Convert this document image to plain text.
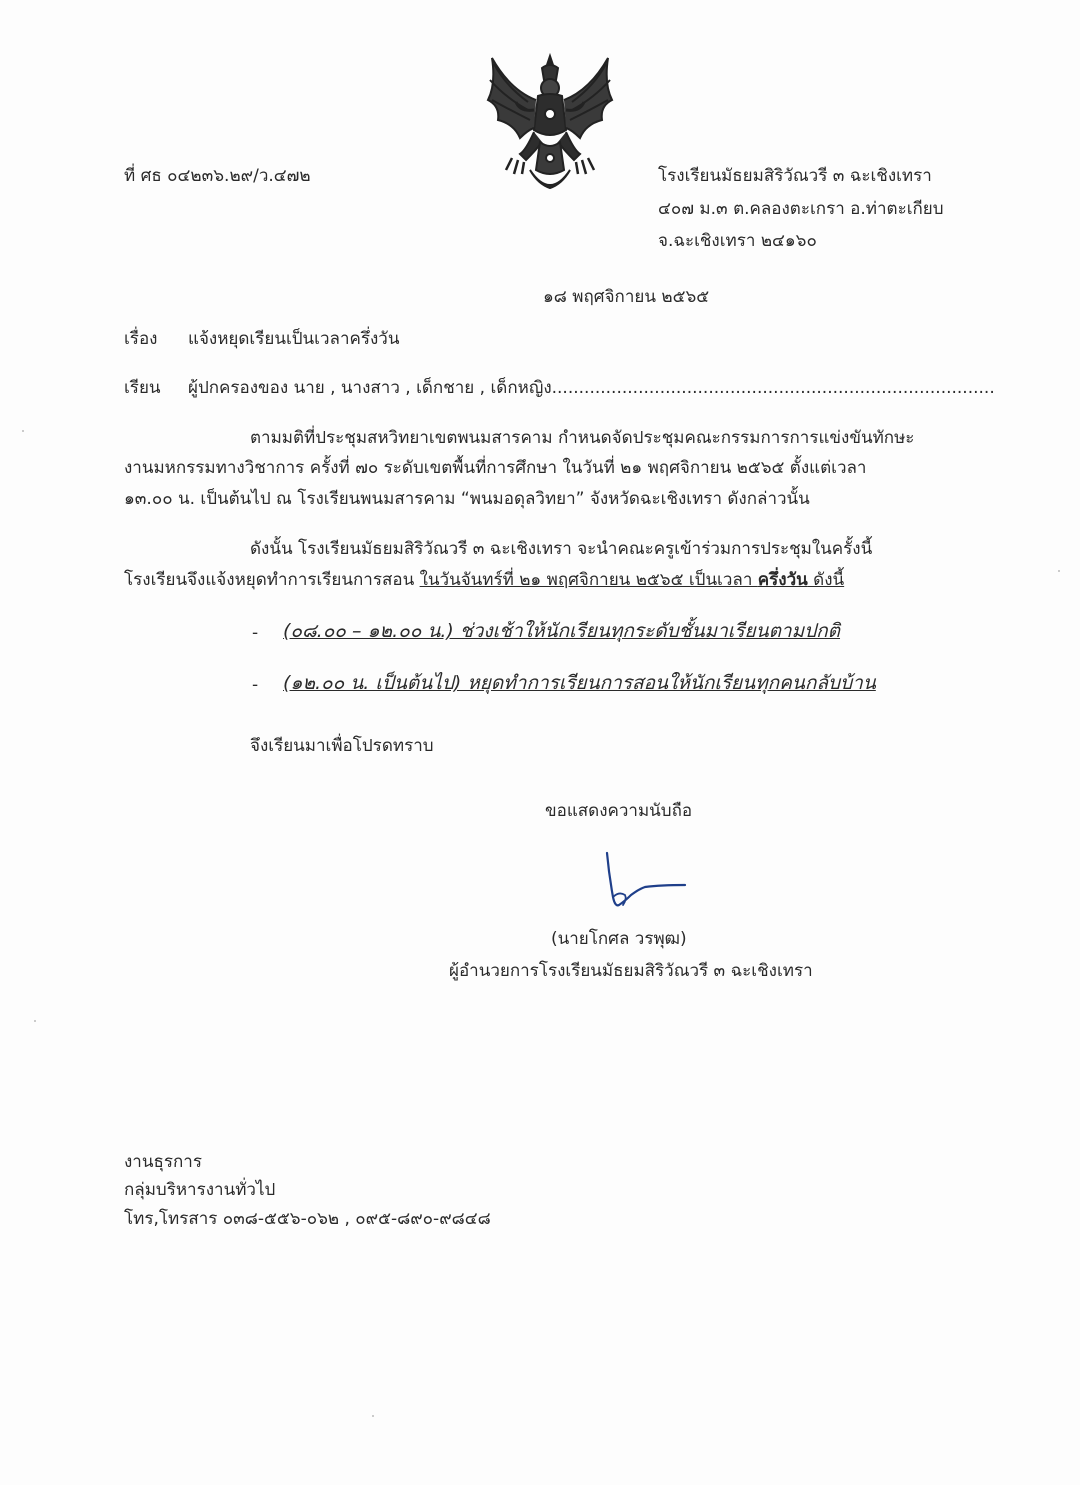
ที่ ศธ ๐๔๒๓๖.๒๙/ว.๔๗๒	โรงเรียนมัธยมสิริวัณวรี ๓ ฉะเชิงเทรา
๔๐๗ ม.๓ ต.คลองตะเกรา อ.ท่าตะเกียบ
จ.ฉะเชิงเทรา ๒๔๑๖๐
๑๘ พฤศจิกายน ๒๕๖๕
เรื่อง แจ้งหยุดเรียนเป็นเวลาครึ่งวัน
เรียน ผู้ปกครองของ นาย , นางสาว , เด็กชาย , เด็กหญิง..................................................................................
ตามมติที่ประชุมสหวิทยาเขตพนมสารคาม กำหนดจัดประชุมคณะกรรมการการแข่งขันทักษะ
งานมหกรรมทางวิชาการ ครั้งที่ ๗๐ ระดับเขตพื้นที่การศึกษา ในวันที่ ๒๑ พฤศจิกายน ๒๕๖๕ ตั้งแต่เวลา
๑๓.๐๐ น. เป็นต้นไป ณ โรงเรียนพนมสารคาม “พนมอดุลวิทยา” จังหวัดฉะเชิงเทรา ดังกล่าวนั้น
ดังนั้น โรงเรียนมัธยมสิริวัณวรี ๓ ฉะเชิงเทรา จะนำคณะครูเข้าร่วมการประชุมในครั้งนี้
โรงเรียนจึงแจ้งหยุดทำการเรียนการสอน ในวันจันทร์ที่ ๒๑ พฤศจิกายน ๒๕๖๕ เป็นเวลา ครึ่งวัน ดังนี้
- (๐๘.๐๐ – ๑๒.๐๐ น.) ช่วงเช้าให้นักเรียนทุกระดับชั้นมาเรียนตามปกติ
- (๑๒.๐๐ น. เป็นต้นไป) หยุดทำการเรียนการสอนให้นักเรียนทุกคนกลับบ้าน
จึงเรียนมาเพื่อโปรดทราบ
ขอแสดงความนับถือ
(นายโกศล วรพุฒ)
ผู้อำนวยการโรงเรียนมัธยมสิริวัณวรี ๓ ฉะเชิงเทรา
งานธุรการ
กลุ่มบริหารงานทั่วไป
โทร,โทรสาร ๐๓๘-๕๕๖-๐๖๒ , ๐๙๕-๘๙๐-๙๘๔๘
